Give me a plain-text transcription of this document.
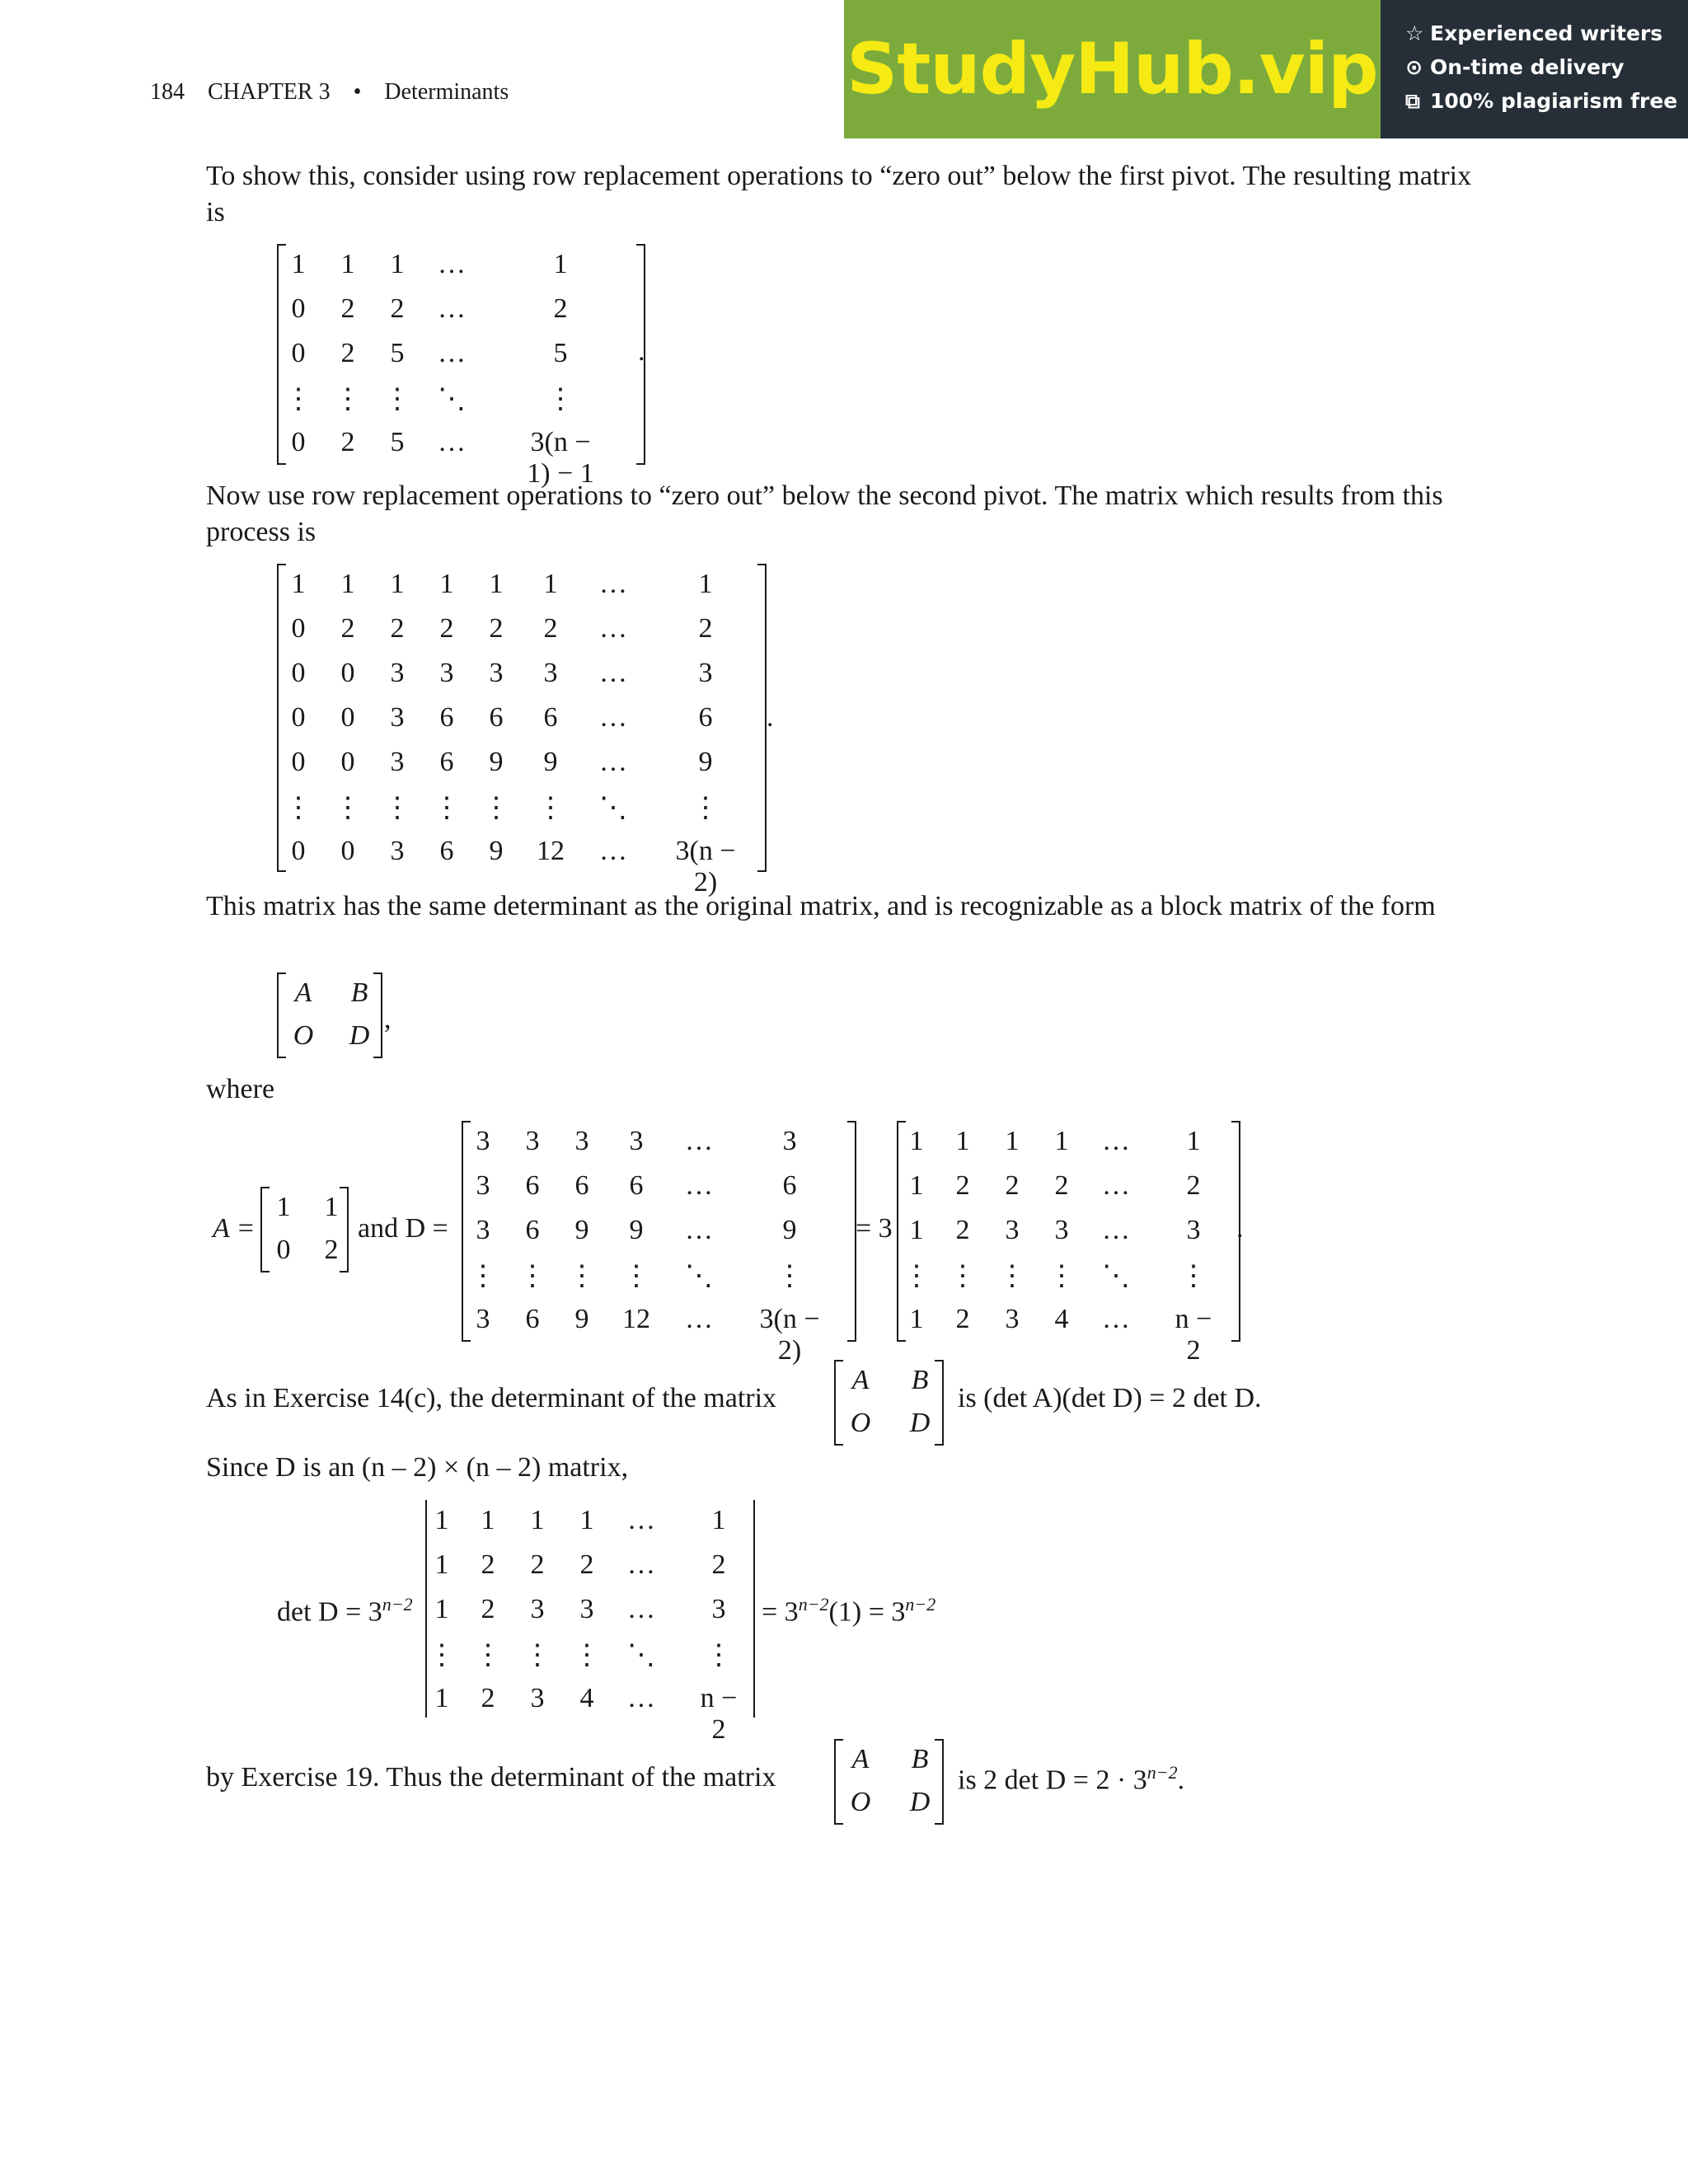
184 CHAPTER 3 • Determinants	StudyHub.vip ☆ Experienced writers
⊙ On-time delivery
⧉ 100% plagiarism free
To show this, consider using row replacement operations to “zero out” below the first pivot. The resulting matrix is
1 1 1 …	1
0 2 2 …	2
0 2 5 …	5
⋮ ⋮ ⋮ ⋱	⋮
0 2 5 …	3(n − 1) − 1
.
Now use row replacement operations to “zero out” below the second pivot. The matrix which results from this process is
1 1 1 1 1 1 …	1
0 2 2 2 2 2 …	2
0 0 3 3 3 3 …	3
0 0 3 6 6 6 …	6
0 0 3 6 9 9 …	9
⋮ ⋮ ⋮ ⋮ ⋮ ⋮ ⋱ ⋮
0 0 3 6 9 12 … 3(n − 2)
.
This matrix has the same determinant as the original matrix, and is recognizable as a block matrix of the form
A B
O D
,
where
A =
1 1
0 2
and D =
3 3 3 3 … 3
3 6 6 6 … 6
3 6 9 9 … 9
⋮ ⋮ ⋮ ⋮ ⋱ ⋮
3 6 9 12 … 3(n − 2)
= 3
1 1 1 1 … 1
1 2 2 2 … 2
1 2 3 3 … 3
⋮ ⋮ ⋮ ⋮ ⋱ ⋮
1 2 3 4 … n − 2
.
As in Exercise 14(c), the determinant of the matrix
A B
O D
is (det A)(det D) = 2 det D.
Since D is an (n – 2) × (n – 2) matrix,
$\det D = 3^{n-2}$
1 1 1 1 … 1
1 2 2 2 … 2
1 2 3 3 … 3
⋮ ⋮ ⋮ ⋮ ⋱ ⋮
1 2 3 4 … n − 2
= $3^{n-2}(1) = 3^{n-2}$
by Exercise 19. Thus the determinant of the matrix
A B
O D
is 2 $\det D = 2 \cdot 3^{n-2}$.
